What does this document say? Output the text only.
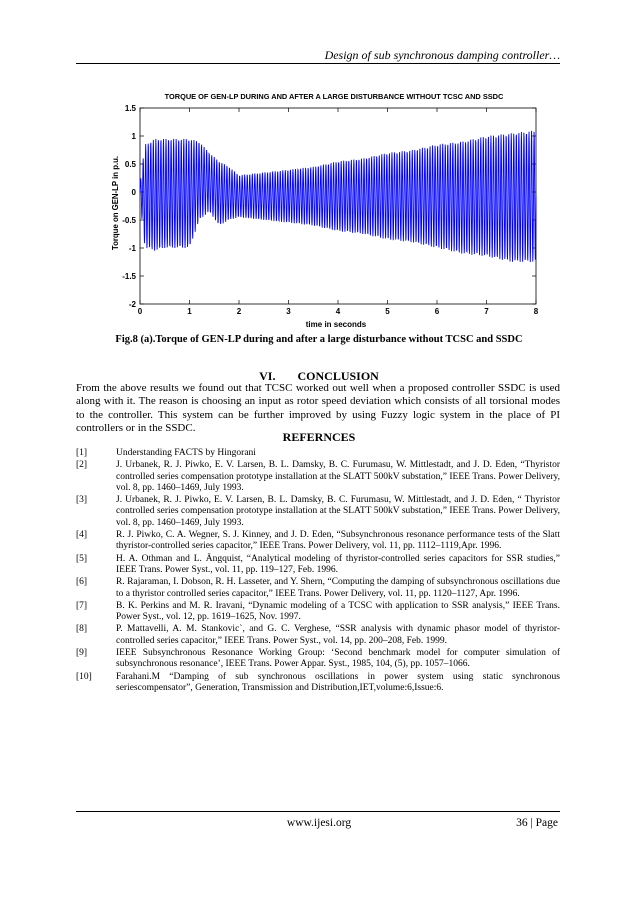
Design of sub synchronous damping controller…
TORQUE OF GEN-LP DURING AND AFTER A LARGE DISTURBANCE WITHOUT TCSC AND SSDC
Torque on GEN-LP in p.u.
time in seconds
1.5
1
0.5
0
-0.5
-1
-1.5
-2
0	1	2	3	4	5	6	7	8
Fig.8 (a).Torque of GEN-LP during and after a large disturbance without TCSC and SSDC
VI. CONCLUSION
From the above results we found out that TCSC worked out well when a proposed controller SSDC is used along with it. The reason is choosing an input as rotor speed deviation which consists of all torsional modes to the controller. This system can be further improved by using Fuzzy logic system in the place of PI controllers or in the SSDC.
REFERNCES
[1]	Understanding FACTS by Hingorani
[2]	J. Urbanek, R. J. Piwko, E. V. Larsen, B. L. Damsky, B. C. Furumasu, W. Mittlestadt, and J. D. Eden, “Thyristor controlled series compensation prototype installation at the SLATT 500kV substation,” IEEE Trans. Power Delivery, vol. 8, pp. 1460–1469, July 1993.
[3]	J. Urbanek, R. J. Piwko, E. V. Larsen, B. L. Damsky, B. C. Furumasu, W. Mittlestadt, and J. D. Eden, “ Thyristor controlled series compensation prototype installation at the SLATT 500kV substation,” IEEE Trans. Power Delivery, vol. 8, pp. 1460–1469, July 1993.
[4]	R. J. Piwko, C. A. Wegner, S. J. Kinney, and J. D. Eden, “Subsynchronous resonance performance tests of the Slatt thyristor-controlled series capacitor,” IEEE Trans. Power Delivery, vol. 11, pp. 1112–1119,Apr. 1996.
[5]	H. A. Othman and L. Ängquist, “Analytical modeling of thyristor-controlled series capacitors for SSR studies,” IEEE Trans. Power Syst., vol. 11, pp. 119–127, Feb. 1996.
[6]	R. Rajaraman, I. Dobson, R. H. Lasseter, and Y. Shern, “Computing the damping of subsynchronous oscillations due to a thyristor controlled series capacitor,” IEEE Trans. Power Delivery, vol. 11, pp. 1120–1127, Apr. 1996.
[7]	B. K. Perkins and M. R. Iravani, “Dynamic modeling of a TCSC with application to SSR analysis,” IEEE Trans. Power Syst., vol. 12, pp. 1619–1625, Nov. 1997.
[8]	P. Mattavelli, A. M. Stankovic`, and G. C. Verghese, “SSR analysis with dynamic phasor model of thyristor-controlled series capacitor,” IEEE Trans. Power Syst., vol. 14, pp. 200–208, Feb. 1999.
[9]	IEEE Subsynchronous Resonance Working Group: ‘Second benchmark model for computer simulation of subsynchronous resonance’, IEEE Trans. Power Appar. Syst., 1985, 104, (5), pp. 1057–1066.
[10]	Farahani.M “Damping of sub synchronous oscillations in power system using static synchronous seriescompensator”, Generation, Transmission and Distribution,IET,volume:6,Issue:6.
www.ijesi.org	36 | Page
